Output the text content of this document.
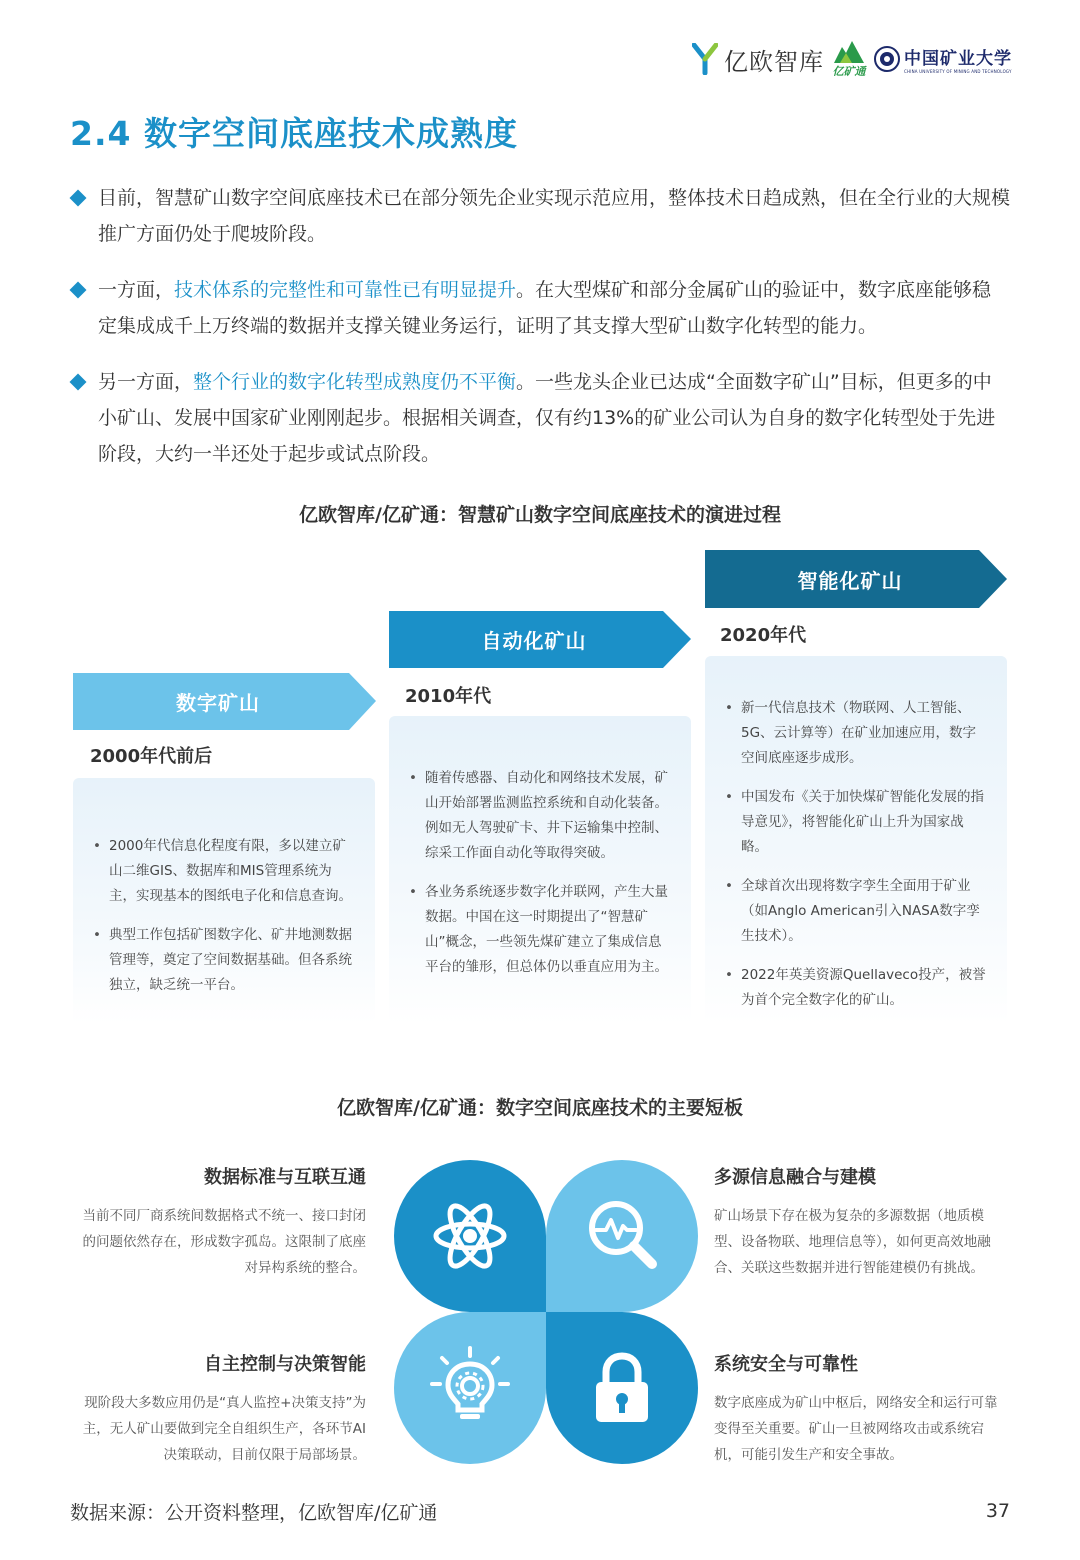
亿欧智库 亿矿通
中国矿业大学
CHINA UNIVERSITY OF MINING AND TECHNOLOGY
2.4 数字空间底座技术成熟度
目前，智慧矿山数字空间底座技术已在部分领先企业实现示范应用，整体技术日趋成熟，但在全行业的大规模推广方面仍处于爬坡阶段。
一方面，技术体系的完整性和可靠性已有明显提升。在大型煤矿和部分金属矿山的验证中，数字底座能够稳定集成成千上万终端的数据并支撑关键业务运行，证明了其支撑大型矿山数字化转型的能力。
另一方面，整个行业的数字化转型成熟度仍不平衡。一些龙头企业已达成“全面数字矿山”目标，但更多的中小矿山、发展中国家矿业刚刚起步。根据相关调查，仅有约13%的矿业公司认为自身的数字化转型处于先进阶段，大约一半还处于起步或试点阶段。
亿欧智库/亿矿通：智慧矿山数字空间底座技术的演进过程
数字矿山
2000年代前后
• 2000年代信息化程度有限，多以建立矿山二维GIS、数据库和MIS管理系统为主，实现基本的图纸电子化和信息查询。
• 典型工作包括矿图数字化、矿井地测数据管理等，奠定了空间数据基础。但各系统独立，缺乏统一平台。
自动化矿山
2010年代
• 随着传感器、自动化和网络技术发展，矿山开始部署监测监控系统和自动化装备。例如无人驾驶矿卡、井下运输集中控制、综采工作面自动化等取得突破。
• 各业务系统逐步数字化并联网，产生大量数据。中国在这一时期提出了“智慧矿山”概念，一些领先煤矿建立了集成信息平台的雏形，但总体仍以垂直应用为主。
智能化矿山
2020年代
• 新一代信息技术（物联网、人工智能、5G、云计算等）在矿业加速应用，数字空间底座逐步成形。
• 中国发布《关于加快煤矿智能化发展的指导意见》，将智能化矿山上升为国家战略。
• 全球首次出现将数字孪生全面用于矿业（如Anglo American引入NASA数字孪生技术）。
• 2022年英美资源Quellaveco投产，被誉为首个完全数字化的矿山。
亿欧智库/亿矿通：数字空间底座技术的主要短板
数据标准与互联互通
当前不同厂商系统间数据格式不统一、接口封闭的问题依然存在，形成数字孤岛。这限制了底座对异构系统的整合。
多源信息融合与建模
矿山场景下存在极为复杂的多源数据（地质模型、设备物联、地理信息等），如何更高效地融合、关联这些数据并进行智能建模仍有挑战。
自主控制与决策智能
现阶段大多数应用仍是“真人监控+决策支持”为主，无人矿山要做到完全自组织生产，各环节AI决策联动，目前仅限于局部场景。
系统安全与可靠性
数字底座成为矿山中枢后，网络安全和运行可靠变得至关重要。矿山一旦被网络攻击或系统宕机，可能引发生产和安全事故。
数据来源：公开资料整理，亿欧智库/亿矿通	37
